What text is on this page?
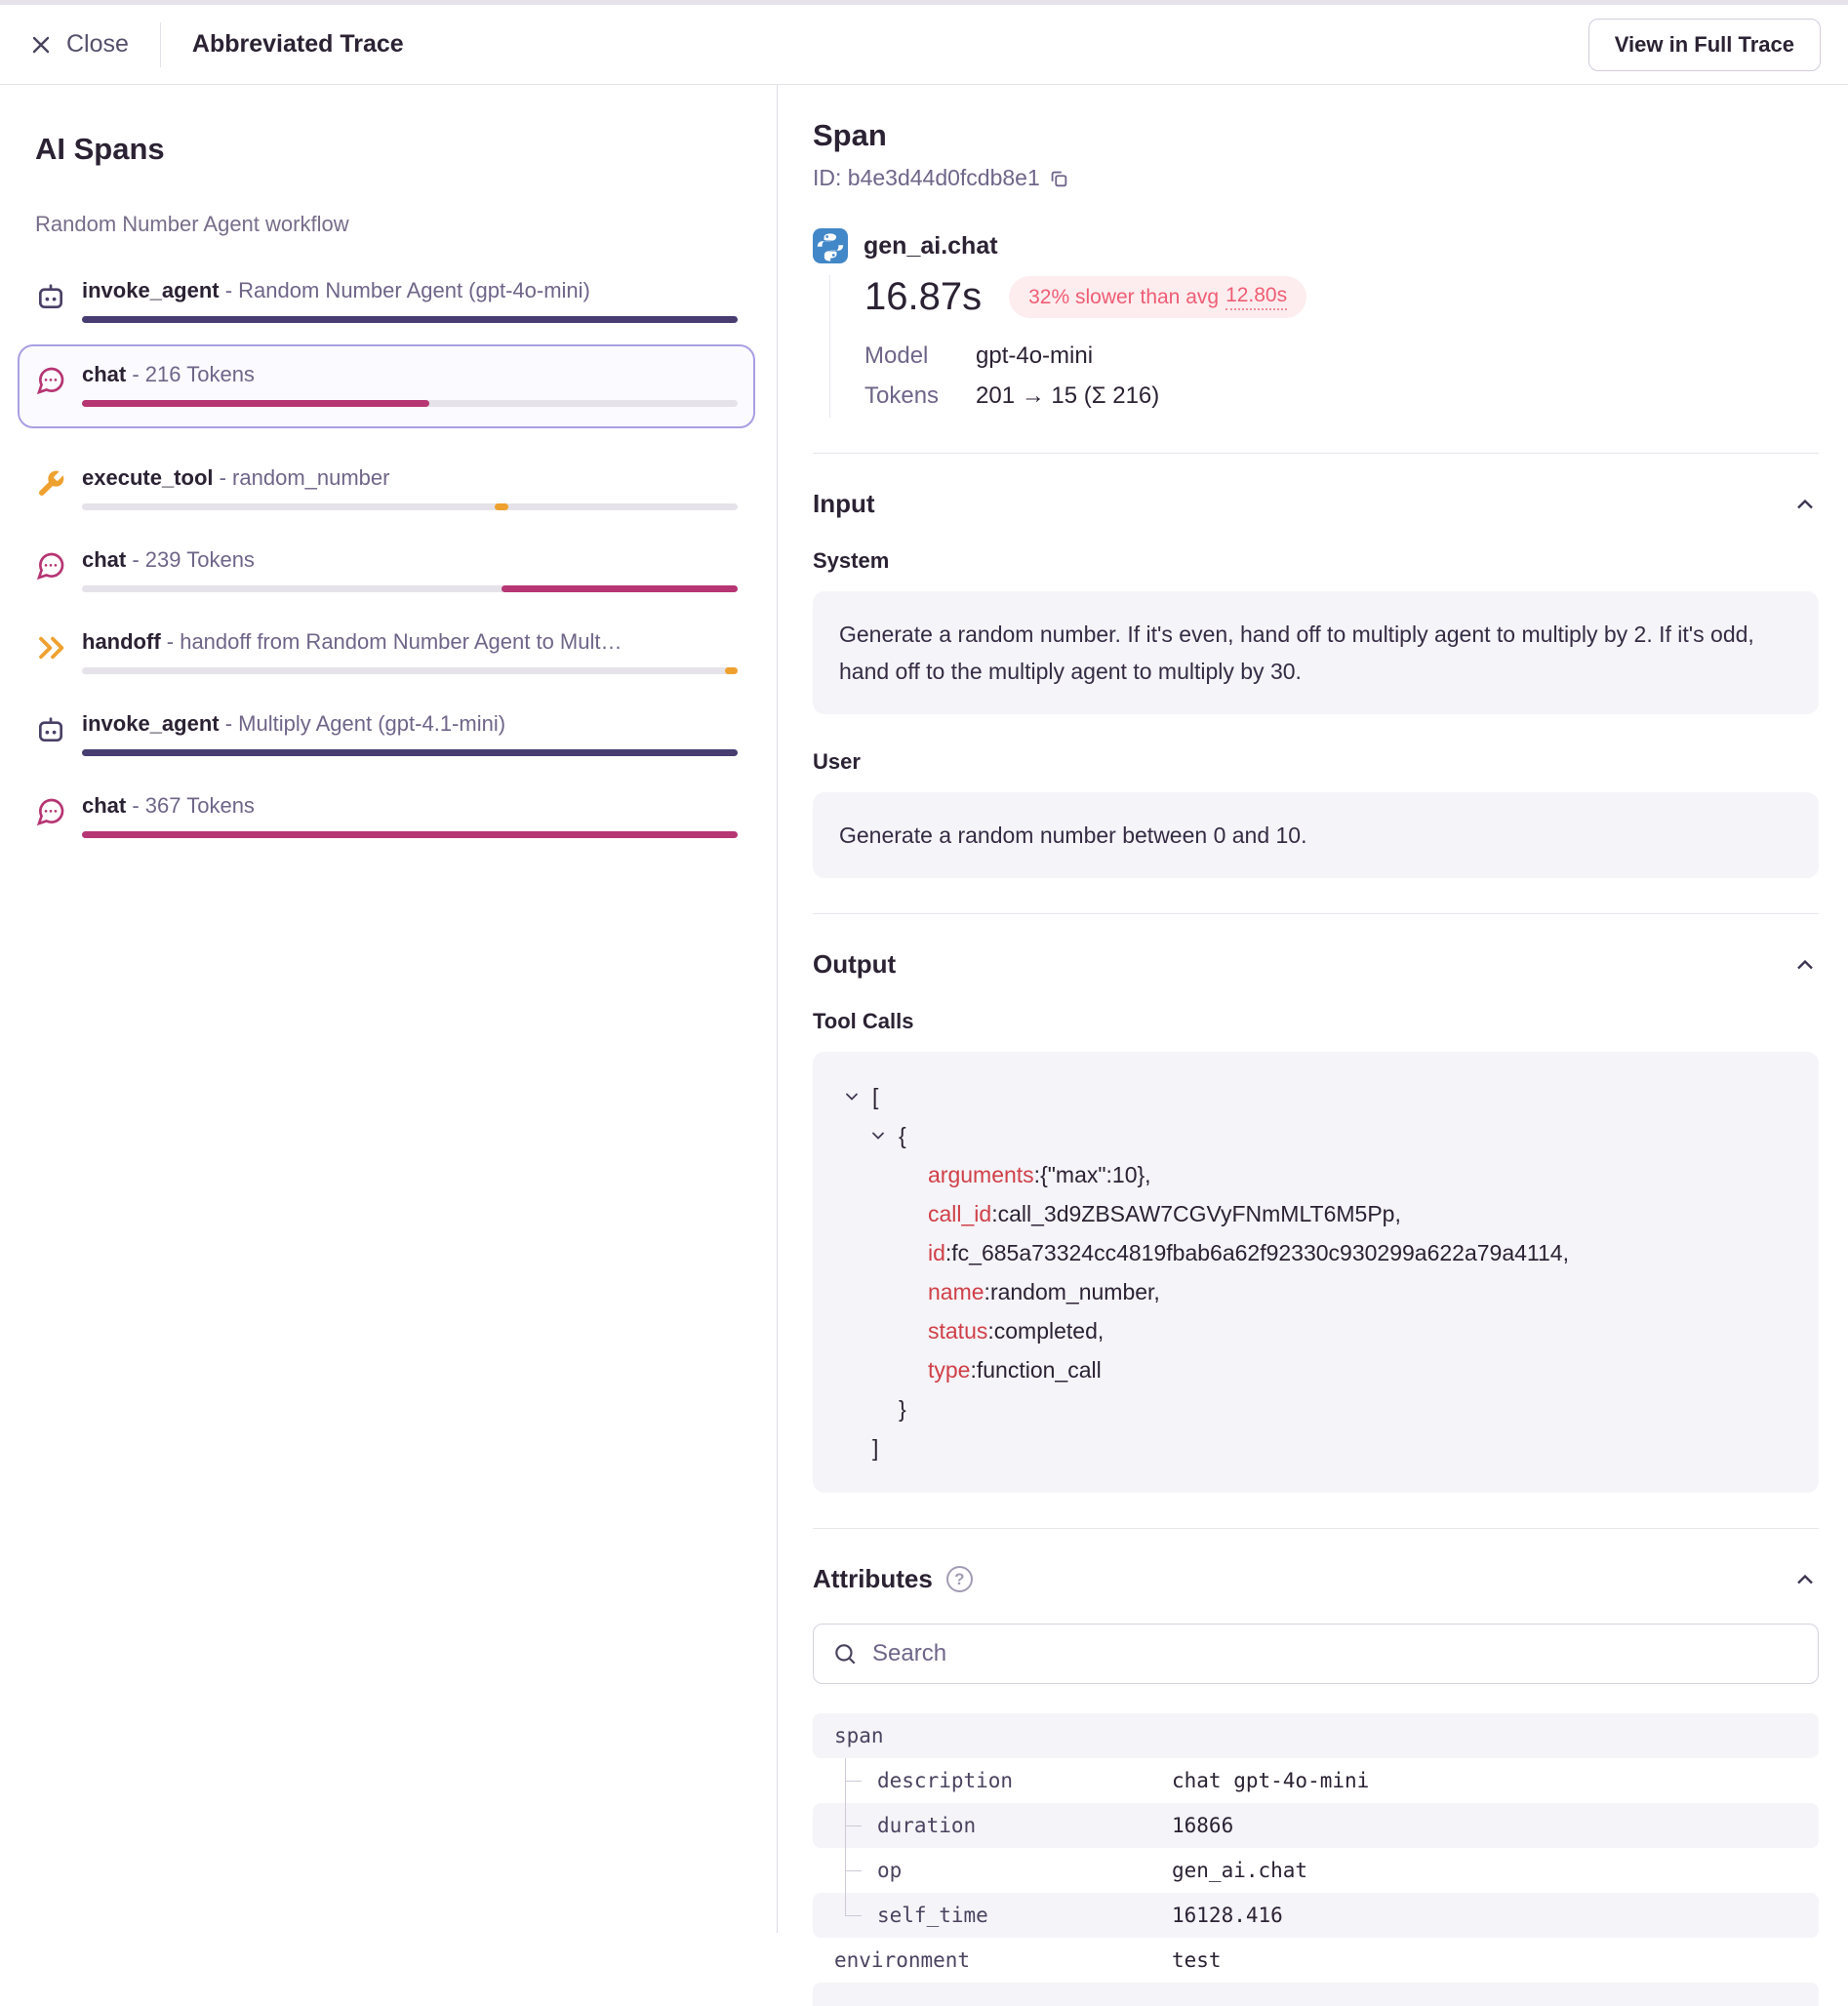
Close	Abbreviated Trace	View in Full Trace
AI Spans
Random Number Agent workflow
invoke_agent - Random Number Agent (gpt-4o-mini)
chat - 216 Tokens
execute_tool - random_number
chat - 239 Tokens
handoff - handoff from Random Number Agent to Mult…
invoke_agent - Multiply Agent (gpt-4.1-mini)
chat - 367 Tokens
Span
ID: b4e3d44d0fcdb8e1
gen_ai.chat
16.87s 32% slower than avg 12.80s
Model	gpt-4o-mini
Tokens	201 → 15 (Σ 216)
Input
System
Generate a random number. If it's even, hand off to multiply agent to multiply by 2. If it's odd, hand off to the multiply agent to multiply by 30.
User
Generate a random number between 0 and 10.
Output
Tool Calls
[
{
arguments : {"max":10},
call_id : call_3d9ZBSAW7CGVyFNmMLT6M5Pp,
id : fc_685a73324cc4819fbab6a62f92330c930299a622a79a4114,
name : random_number,
status : completed,
type : function_call
}
]
Attributes	?
Search
span
description	chat gpt-4o-mini
duration	16866
op	gen_ai.chat
self_time	16128.416
environment	test
